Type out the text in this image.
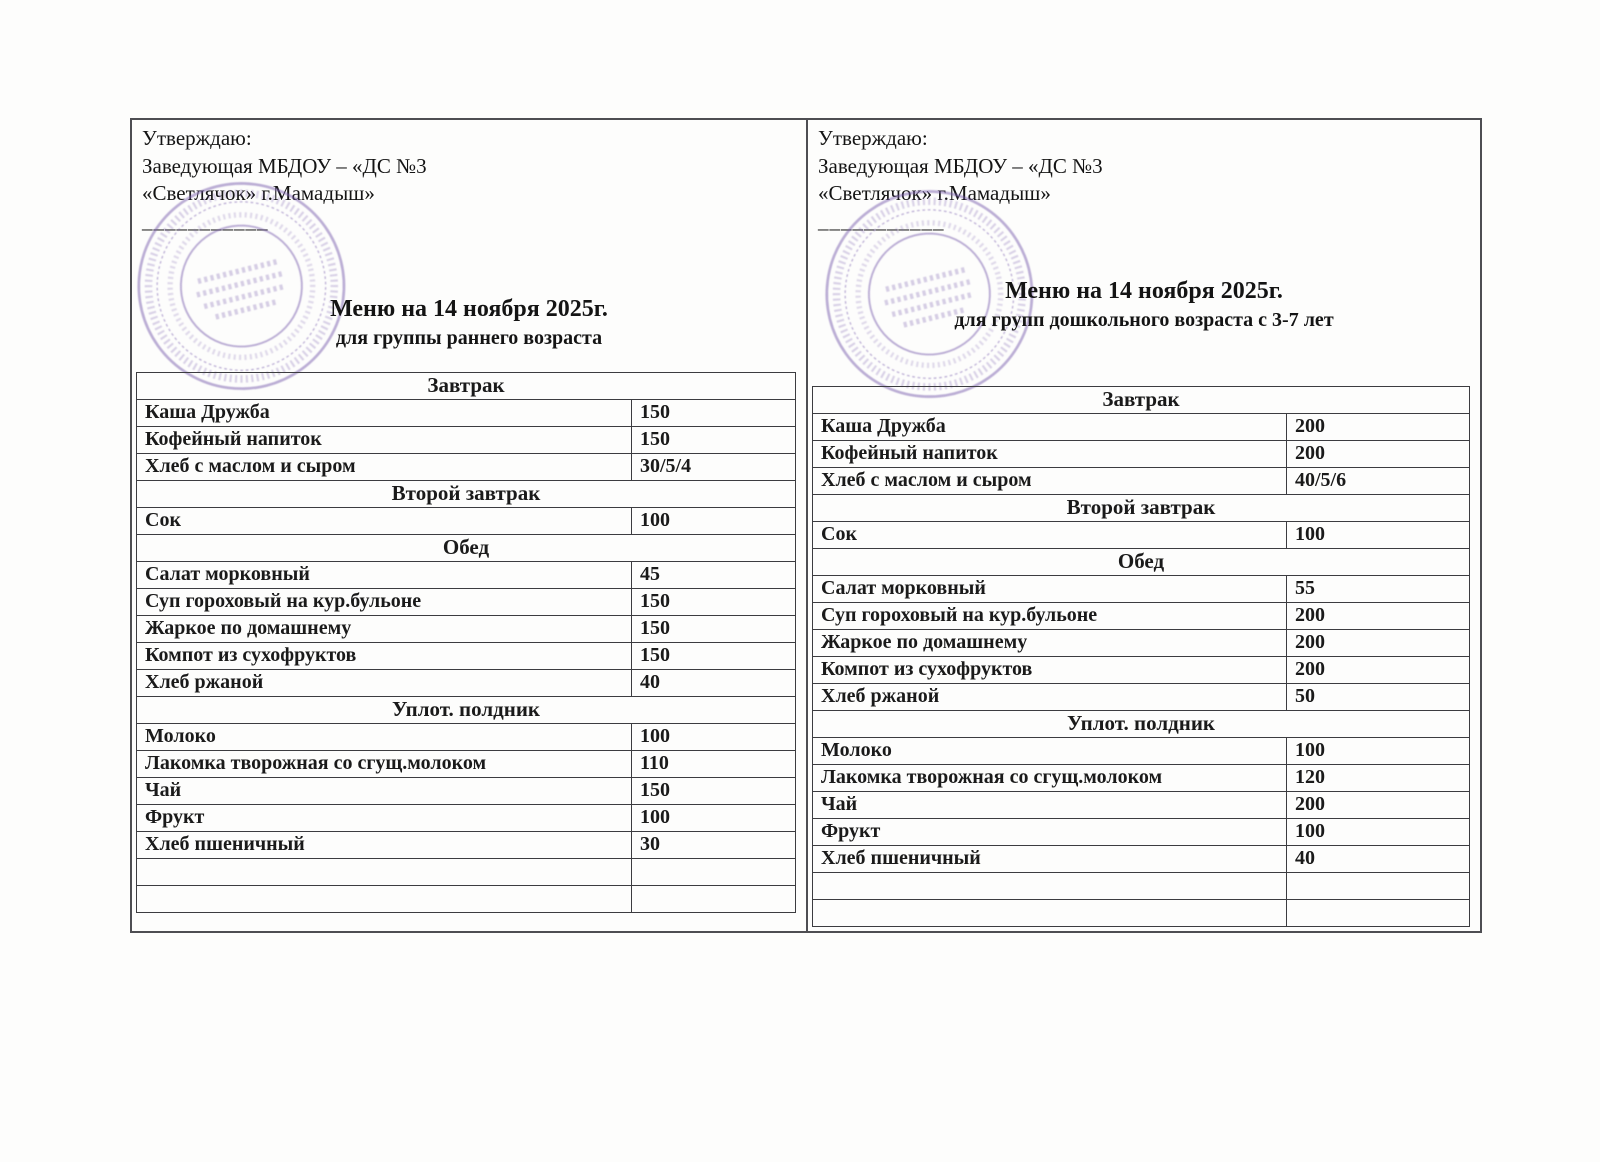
Утверждаю:
Заведующая МБДОУ – «ДС №3
«Светлячок» г.Мамадыш»
___________
Меню на 14 ноября 2025г.
для группы раннего возраста
Завтрак	
Каша Дружба	150
Кофейный напиток	150
Хлеб с маслом и сыром	30/5/4
Второй завтрак	
Сок	100
Обед	
Салат морковный	45
Суп гороховый на кур.бульоне	150
Жаркое по домашнему	150
Компот из сухофруктов	150
Хлеб ржаной	40
Уплот. полдник	
Молоко	100
Лакомка творожная со сгущ.молоком	110
Чай	150
Фрукт	100
Хлеб пшеничный	30

Утверждаю:
Заведующая МБДОУ – «ДС №3
«Светлячок» г.Мамадыш»
___________
Меню на 14 ноября 2025г.
для групп дошкольного возраста с 3-7 лет
Завтрак	
Каша Дружба	200
Кофейный напиток	200
Хлеб с маслом и сыром	40/5/6
Второй завтрак	
Сок	100
Обед	
Салат морковный	55
Суп гороховый на кур.бульоне	200
Жаркое по домашнему	200
Компот из сухофруктов	200
Хлеб ржаной	50
Уплот. полдник	
Молоко	100
Лакомка творожная со сгущ.молоком	120
Чай	200
Фрукт	100
Хлеб пшеничный	40
